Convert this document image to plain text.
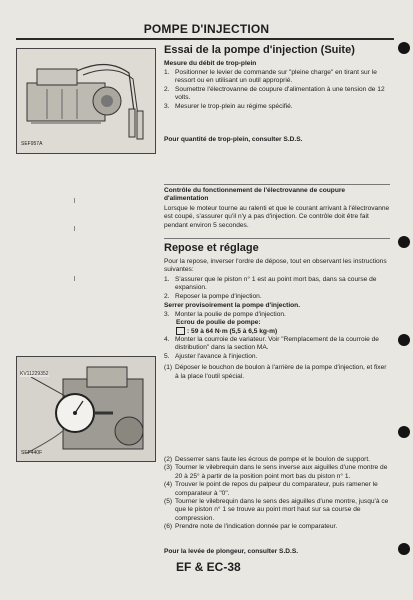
POMPE D'INJECTION
SEF957A
Essai de la pompe d'injection (Suite)
Mesure du débit de trop-plein
1. Positionner le levier de commande sur "pleine charge" en tirant sur le ressort ou en utilisant un outil approprié.
2. Soumettre l'électrovanne de coupure d'alimentation à une tension de 12 volts.
3. Mesurer le trop-plein au régime spécifié.
Pour quantité de trop-plein, consulter S.D.S.
Contrôle du fonctionnement de l'électrovanne de coupure d'alimentation
Lorsque le moteur tourne au ralenti et que le courant arrivant à l'électrovanne est coupé, s'assurer qu'il n'y a pas d'injection. Ce contrôle doit être fait pendant environ 5 secondes.
Repose et réglage
Pour la repose, inverser l'ordre de dépose, tout en observant les instructions suivantes:
1. S'assurer que le piston n° 1 est au point mort bas, dans sa course de expansion.
2. Reposer la pompe d'injection.
Serrer provisoirement la pompe d'injection.
3. Monter la poulie de pompe d'injection.
Ecrou de poulie de pompe:
: 59 à 64 N·m (5,5 à 6,5 kg-m)
4. Monter la courroie de variateur. Voir "Remplacement de la courroie de distribution" dans la section MA.
5. Ajuster l'avance à l'injection.
(1) Déposer le bouchon de boulon à l'arrière de la pompe d'injection, et fixer à la place l'outil spécial.
KV11229352
SEF440F
(2) Desserrer sans faute les écrous de pompe et le boulon de support.
(3) Tourner le vilebrequin dans le sens inverse aux aiguilles d'une montre de 20 à 25° à partir de la position point mort bas du piston n° 1.
(4) Trouver le point de repos du palpeur du comparateur, puis ramener le comparateur à "0".
(5) Tourner le vilebrequin dans le sens des aiguilles d'une montre, jusqu'à ce que le piston n° 1 se trouve au point mort haut sur sa course de compression.
(6) Prendre note de l'indication donnée par le comparateur.
Pour la levée de plongeur, consulter S.D.S.
EF & EC-38
